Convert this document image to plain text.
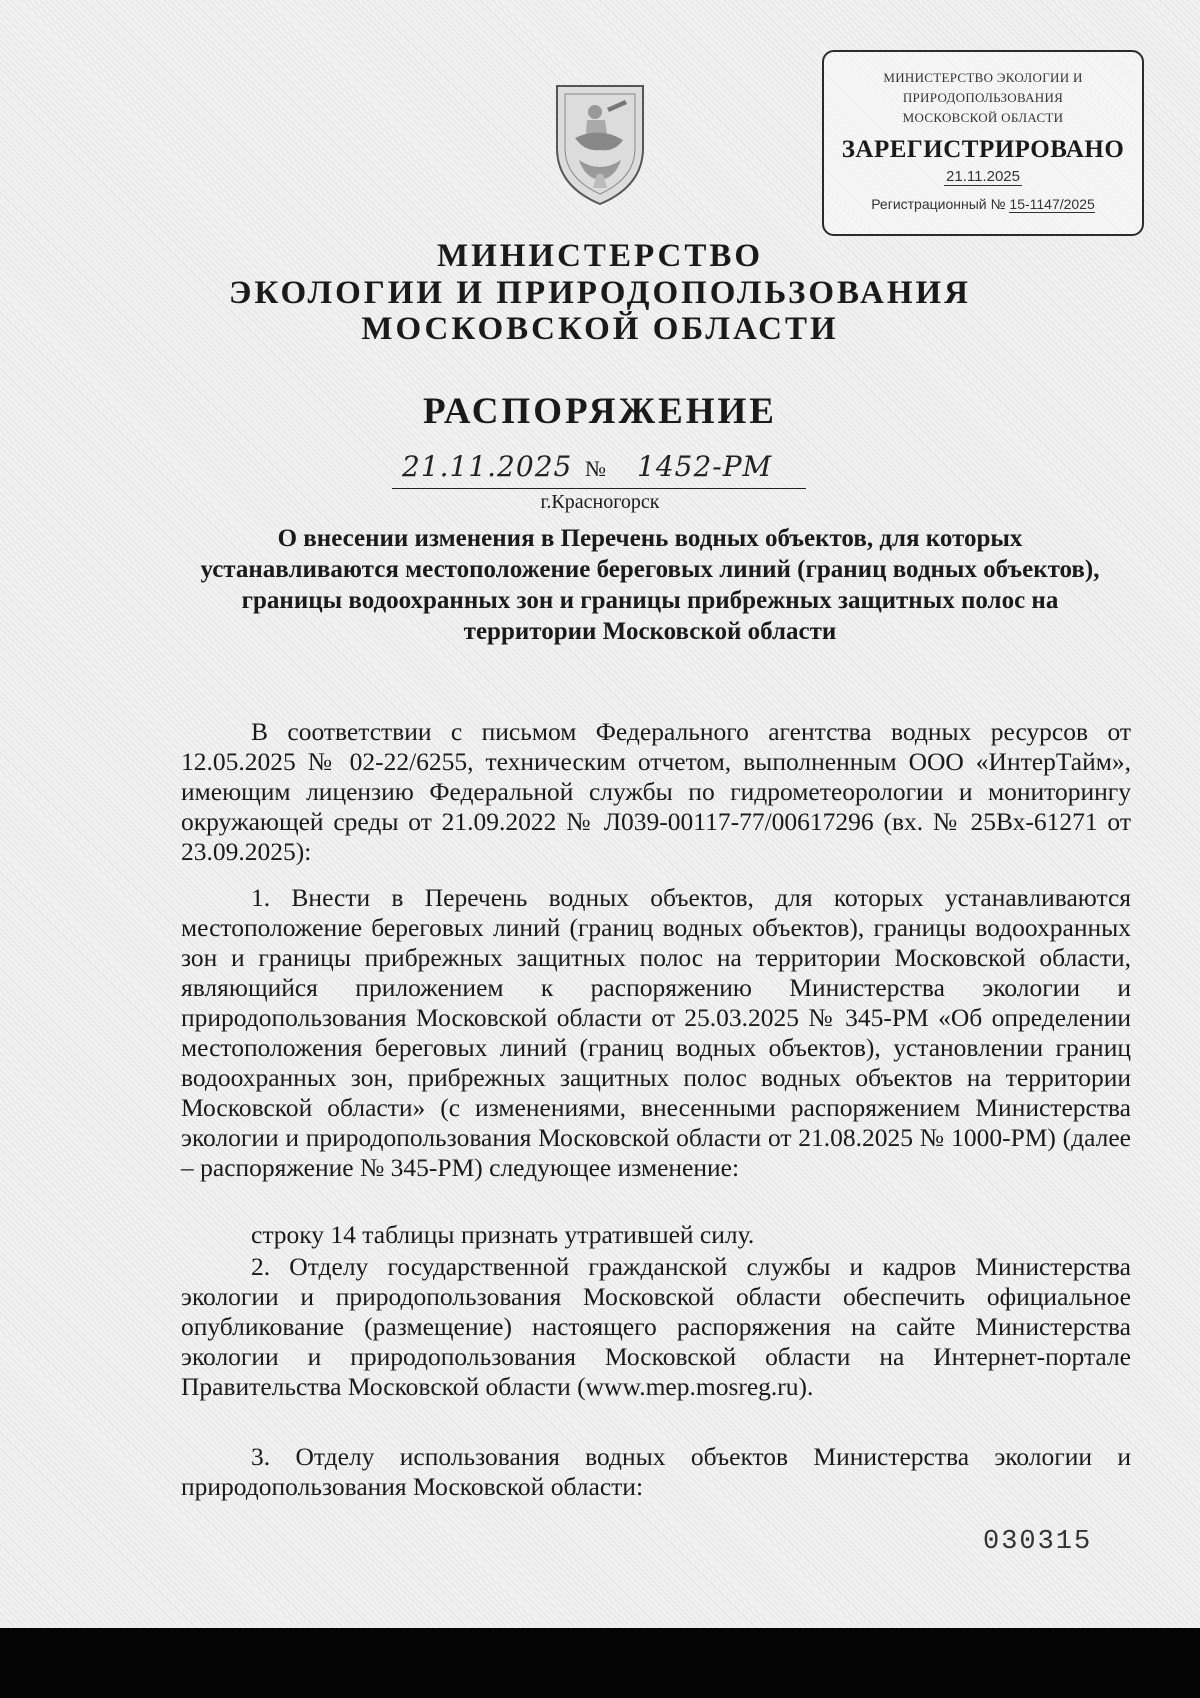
МИНИСТЕРСТВО ЭКОЛОГИИ И
ПРИРОДОПОЛЬЗОВАНИЯ
МОСКОВСКОЙ ОБЛАСТИ
ЗАРЕГИСТРИРОВАНО
21.11.2025
Регистрационный № 15-1147/2025
МИНИСТЕРСТВО
ЭКОЛОГИИ И ПРИРОДОПОЛЬЗОВАНИЯ
МОСКОВСКОЙ ОБЛАСТИ
РАСПОРЯЖЕНИЕ
21.11.2025 № 1452-РМ
г.Красногорск
О внесении изменения в Перечень водных объектов, для которых устанавливаются местоположение береговых линий (границ водных объектов), границы водоохранных зон и границы прибрежных защитных полос на территории Московской области
В соответствии с письмом Федерального агентства водных ресурсов от 12.05.2025 № 02-22/6255, техническим отчетом, выполненным ООО «ИнтерТайм», имеющим лицензию Федеральной службы по гидрометеорологии и мониторингу окружающей среды от 21.09.2022 № Л039-00117-77/00617296 (вх. № 25Вх-61271 от 23.09.2025):
1. Внести в Перечень водных объектов, для которых устанавливаются местоположение береговых линий (границ водных объектов), границы водоохранных зон и границы прибрежных защитных полос на территории Московской области, являющийся приложением к распоряжению Министерства экологии и природопользования Московской области от 25.03.2025 № 345-РМ «Об определении местоположения береговых линий (границ водных объектов), установлении границ водоохранных зон, прибрежных защитных полос водных объектов на территории Московской области» (с изменениями, внесенными распоряжением Министерства экологии и природопользования Московской области от 21.08.2025 № 1000-РМ) (далее – распоряжение № 345-РМ) следующее изменение:
строку 14 таблицы признать утратившей силу.
2. Отделу государственной гражданской службы и кадров Министерства экологии и природопользования Московской области обеспечить официальное опубликование (размещение) настоящего распоряжения на сайте Министерства экологии и природопользования Московской области на Интернет-портале Правительства Московской области (www.mep.mosreg.ru).
3. Отделу использования водных объектов Министерства экологии и природопользования Московской области:
030315
